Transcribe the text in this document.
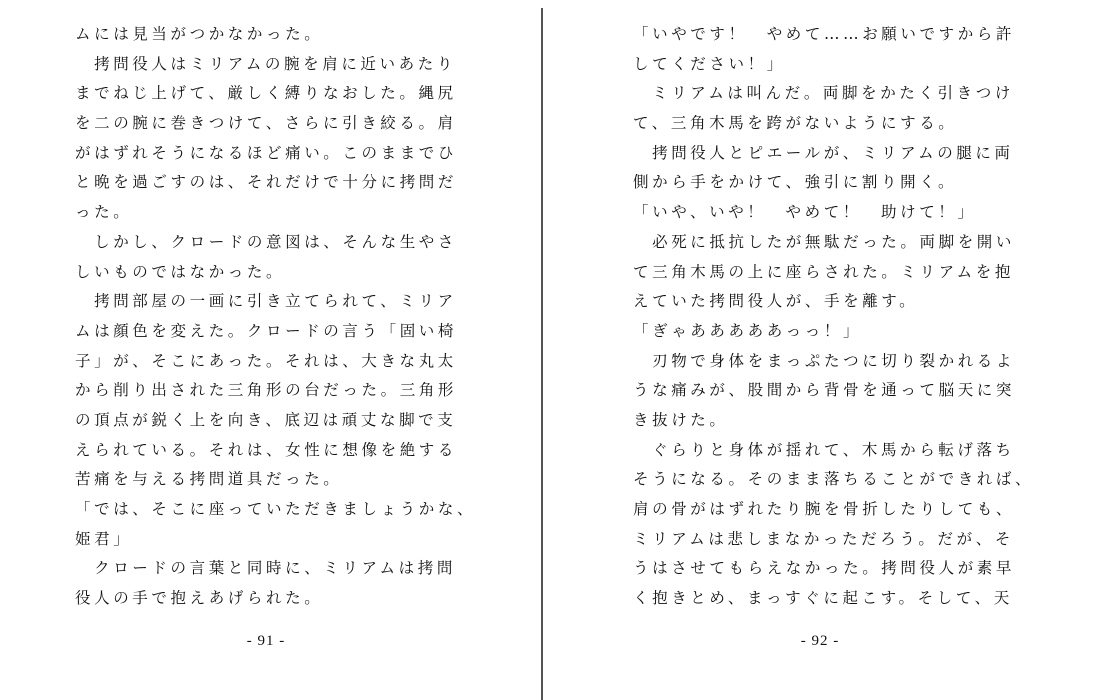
ムには見当がつかなかった。
　拷問役人はミリアムの腕を肩に近いあたり
までねじ上げて、厳しく縛りなおした。縄尻
を二の腕に巻きつけて、さらに引き絞る。肩
がはずれそうになるほど痛い。このままでひ
と晩を過ごすのは、それだけで十分に拷問だ
った。
　しかし、クロードの意図は、そんな生やさ
しいものではなかった。
　拷問部屋の一画に引き立てられて、ミリア
ムは顔色を変えた。クロードの言う「固い椅
子」が、そこにあった。それは、大きな丸太
から削り出された三角形の台だった。三角形
の頂点が鋭く上を向き、底辺は頑丈な脚で支
えられている。それは、女性に想像を絶する
苦痛を与える拷問道具だった。
「では、そこに座っていただきましょうかな、
姫君」
　クロードの言葉と同時に、ミリアムは拷問
役人の手で抱えあげられた。
「いやです！　やめて……お願いですから許
してください！」
　ミリアムは叫んだ。両脚をかたく引きつけ
て、三角木馬を跨がないようにする。
　拷問役人とピエールが、ミリアムの腿に両
側から手をかけて、強引に割り開く。
「いや、いや！　やめて！　助けて！」
　必死に抵抗したが無駄だった。両脚を開い
て三角木馬の上に座らされた。ミリアムを抱
えていた拷問役人が、手を離す。
「ぎゃあああああっっ！」
　刃物で身体をまっぷたつに切り裂かれるよ
うな痛みが、股間から背骨を通って脳天に突
き抜けた。
　ぐらりと身体が揺れて、木馬から転げ落ち
そうになる。そのまま落ちることができれば、
肩の骨がはずれたり腕を骨折したりしても、
ミリアムは悲しまなかっただろう。だが、そ
うはさせてもらえなかった。拷問役人が素早
く抱きとめ、まっすぐに起こす。そして、天
- 91 -	- 92 -
